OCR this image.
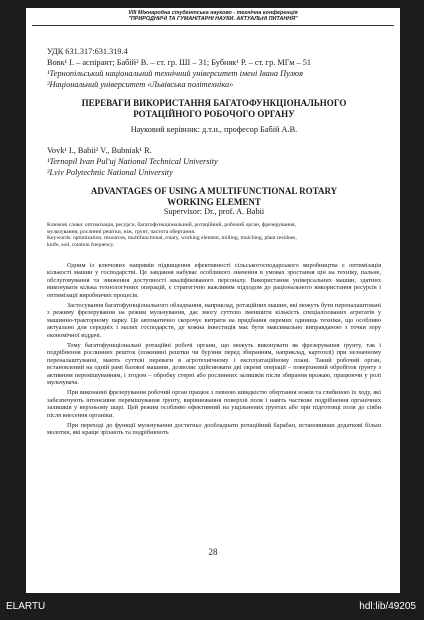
VIII Міжнародна студентська науково - технічна конференція
"ПРИРОДНИЧІ ТА ГУМАНІТАРНІ НАУКИ. АКТУАЛЬНІ ПИТАННЯ"
УДК 631.317:631.319.4
Вовк¹ І. – аспірант; Бабій² В. – ст. гр. ШІ – 31; Бубняк¹ Р. – ст. гр. МГм – 51
¹Тернопільський національний технічний університет імені Івана Пулюя
²Національний університет «Львівська політехніка»
ПЕРЕВАГИ ВИКОРИСТАННЯ БАГАТОФУНКЦІОНАЛЬНОГО
РОТАЦІЙНОГО РОБОЧОГО ОРГАНУ
Науковий керівник: д.т.н., професор Бабій А.В.
Vovk¹ I., Babii² V., Bubniak¹ R.
¹Ternopil Ivan Pul'uj National Technical University
²Lviv Polytechnic National University
ADVANTAGES OF USING A MULTIFUNCTIONAL ROTARY
WORKING ELEMENT
Supervisor: Dr., prof. A. Babii
Ключові слова: оптимізація, ресурси, багатофункціональний, ротаційний, робочий орган, фрезерування,
мульчування, рослинні рештки, ніж, грунт, частота обертання.
Keywords: optimization, resources, multifunctional, rotary, working element, milling, mulching, plant residues,
knife, soil, rotation frequency.

Одним із ключових напрямів підвищення ефективності сільськогосподарського виробництва є оптимізація кількості машин у господарстві. Це завдання набуває особливого значення в умовах зростання цін на техніку, пальне, обслуговування та зниження доступності кваліфікованого персоналу. Використання універсальних машин, здатних виконувати кілька технологічних операцій, є стратегічно важливим підходом до раціонального використання ресурсів і оптимізації виробничих процесів.

Застосування багатофункціонального обладнання, наприклад, ротаційних машин, які можуть бути переналаштовані з режиму фрезерування на режим мульчування, дає змогу суттєво зменшити кількість спеціалізованих агрегатів у машинно-тракторному парку. Це автоматично скорочує витрати на придбання окремих одиниць техніки, що особливо актуально для середніх і малих господарств, де кожна інвестиція має бути максимально виправданою з точки зору економічної віддачі.

Тому багатофункціональні ротаційні робочі органи, що можуть виконувати як фрезерування ґрунту, так і подрібнення рослинних решток (пожнивні рештки чи бур'яни перед збиранням, наприклад, картоплі) при незначному переналаштуванні, мають суттєві переваги в агротехнічному і експлуатаційному плані. Такий робочий орган, встановлений на одній рамі базової машини, дозволяє здійснювати дві окремі операції – поверхневий обробіток ґрунту з активним перемішуванням, і згодом – обробку стерні або рослинних залишків після збирання врожаю, працюючи у ролі мульчувача.

При виконанні фрезерування робочий орган працює з певною швидкістю обертання ножів та глибиною їх ходу, які забезпечують інтенсивне перемішування ґрунту, вирівнювання поверхні поля і навіть часткове подрібнення органічних залишків у верхньому шарі. Цей режим особливо ефективний на ущільнених ґрунтах або при підготовці поля до сівби після внесення органіки.

При переході до функції мульчування достатньо дообладнати ротаційний барабан, встановивши додаткові більш молотки, які краще зрізають та подрібнюють

28
ELARTU	hdl:lib/49205
